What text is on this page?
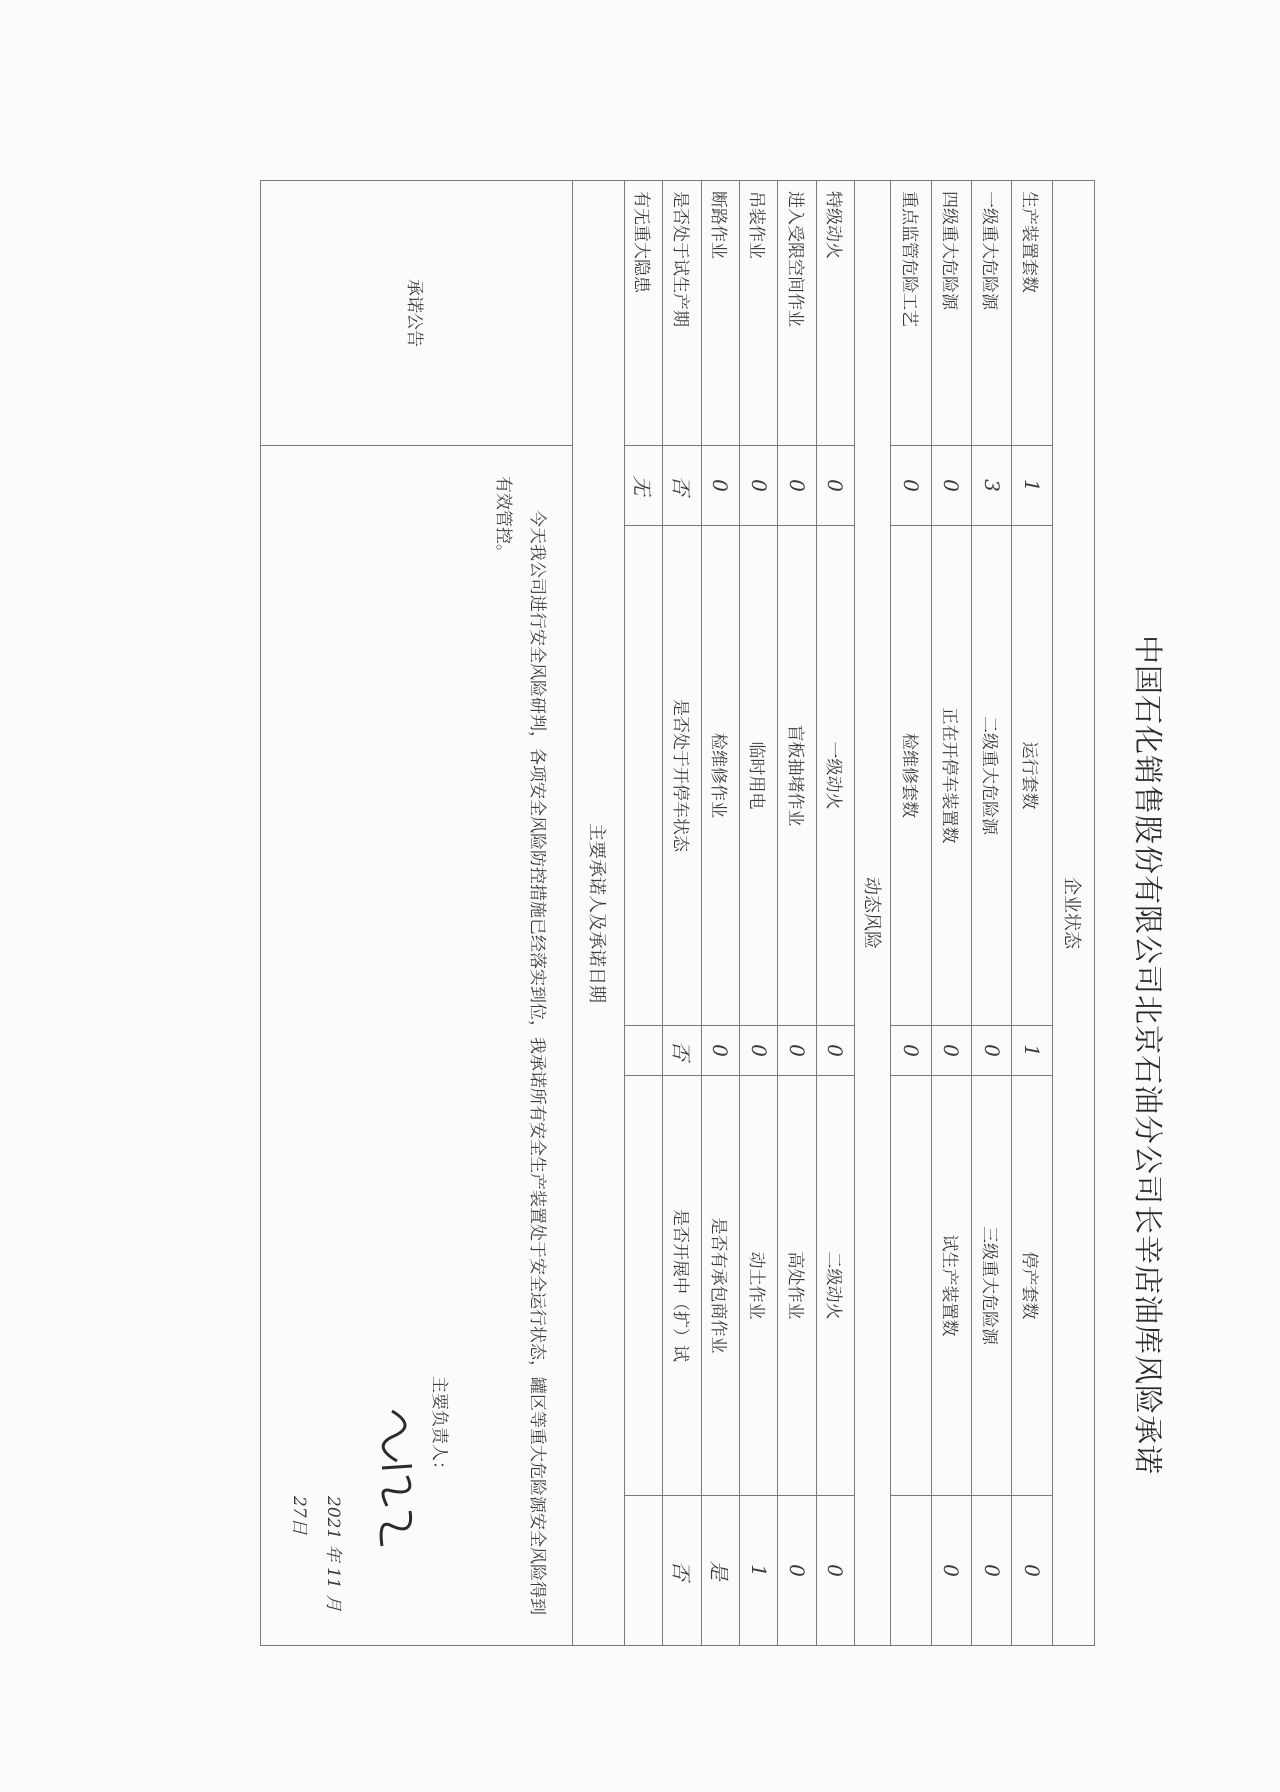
中国石化销售股份有限公司北京石油分公司长辛店油库风险承诺
企业状态					
生产装置套数	1	运行套数	1	停产套数	0
一级重大危险源	3	二级重大危险源	0	三级重大危险源	0
四级重大危险源	0	正在开停车装置数	0	试生产装置数	0
重点监管危险工艺	0	检维修套数	0		
动态风险					
特级动火	0	一级动火	0	二级动火	0
进入受限空间作业	0	盲板抽堵作业	0	高处作业	0
吊装作业	0	临时用电	0	动土作业	1
断路作业	0	检维修作业	0	是否有承包商作业	是
是否处于试生产期	否	是否处于开停车状态	否	是否开展中（扩）试	否
有无重大隐患	无				
主要承诺人及承诺日期					
承诺公告	今天我公司进行安全风险研判，各项安全风险防控措施已经落实到位，我承诺所有安全生产装置处于安全运行状态，罐区等重大危险源安全风险得到有效管控。
主要负责人：
2021 年 11 月 27日				
